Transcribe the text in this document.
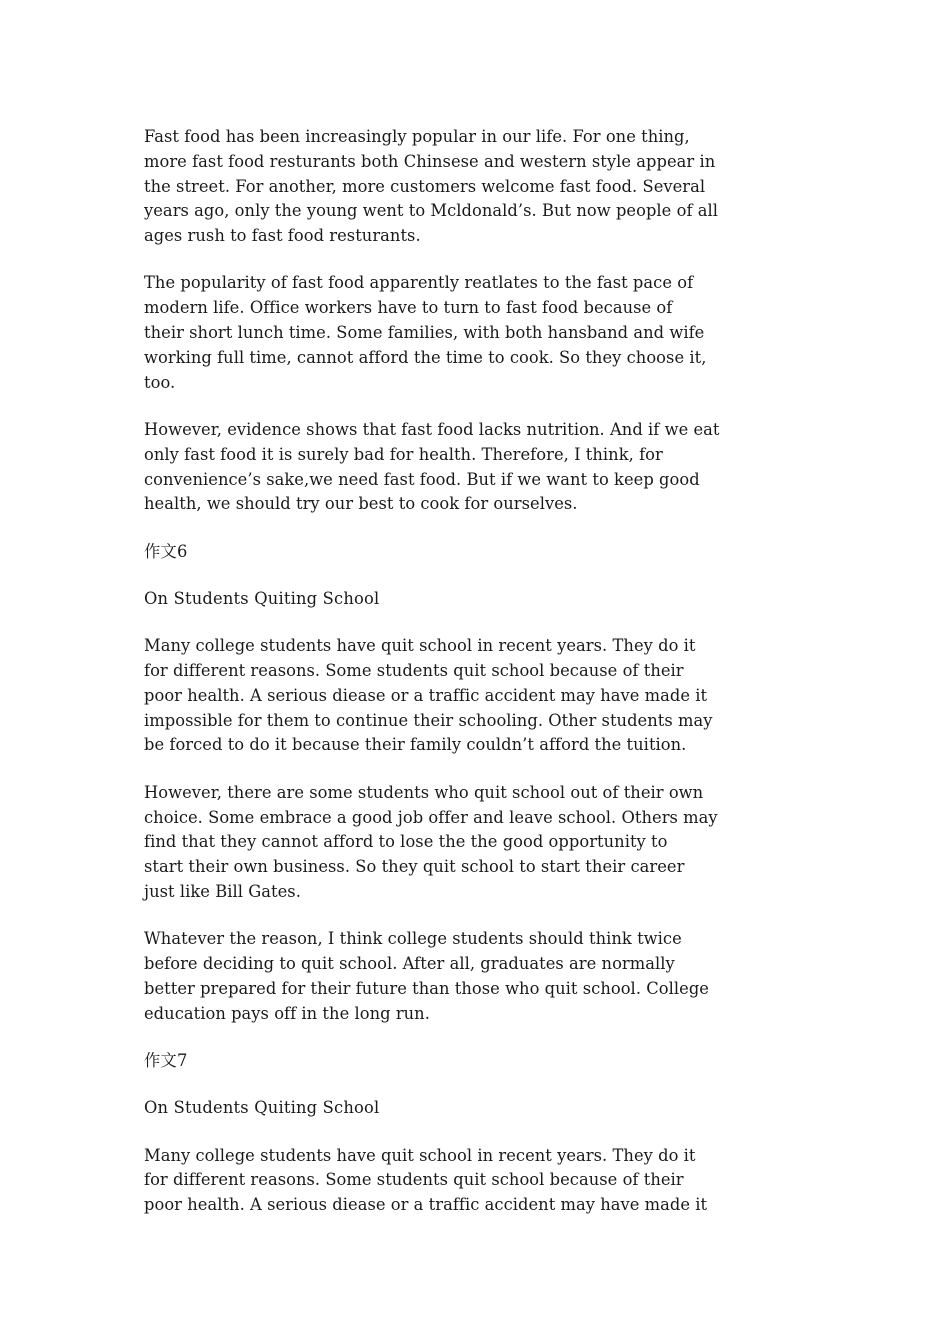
Fast food has been increasingly popular in our life. For one thing,
more fast food resturants both Chinsese and western style appear in
the street. For another, more customers welcome fast food. Several
years ago, only the young went to Mcldonald’s. But now people of all
ages rush to fast food resturants.

The popularity of fast food apparently reatlates to the fast pace of
modern life. Office workers have to turn to fast food because of
their short lunch time. Some families, with both hansband and wife
working full time, cannot afford the time to cook. So they choose it,
too.

However, evidence shows that fast food lacks nutrition. And if we eat
only fast food it is surely bad for health. Therefore, I think, for
convenience’s sake,we need fast food. But if we want to keep good
health, we should try our best to cook for ourselves.

作文6

On Students Quiting School

Many college students have quit school in recent years. They do it
for different reasons. Some students quit school because of their
poor health. A serious diease or a traffic accident may have made it
impossible for them to continue their schooling. Other students may
be forced to do it because their family couldn’t afford the tuition.

However, there are some students who quit school out of their own
choice. Some embrace a good job offer and leave school. Others may
find that they cannot afford to lose the the good opportunity to
start their own business. So they quit school to start their career
just like Bill Gates.

Whatever the reason, I think college students should think twice
before deciding to quit school. After all, graduates are normally
better prepared for their future than those who quit school. College
education pays off in the long run.

作文7

On Students Quiting School

Many college students have quit school in recent years. They do it
for different reasons. Some students quit school because of their
poor health. A serious diease or a traffic accident may have made it
